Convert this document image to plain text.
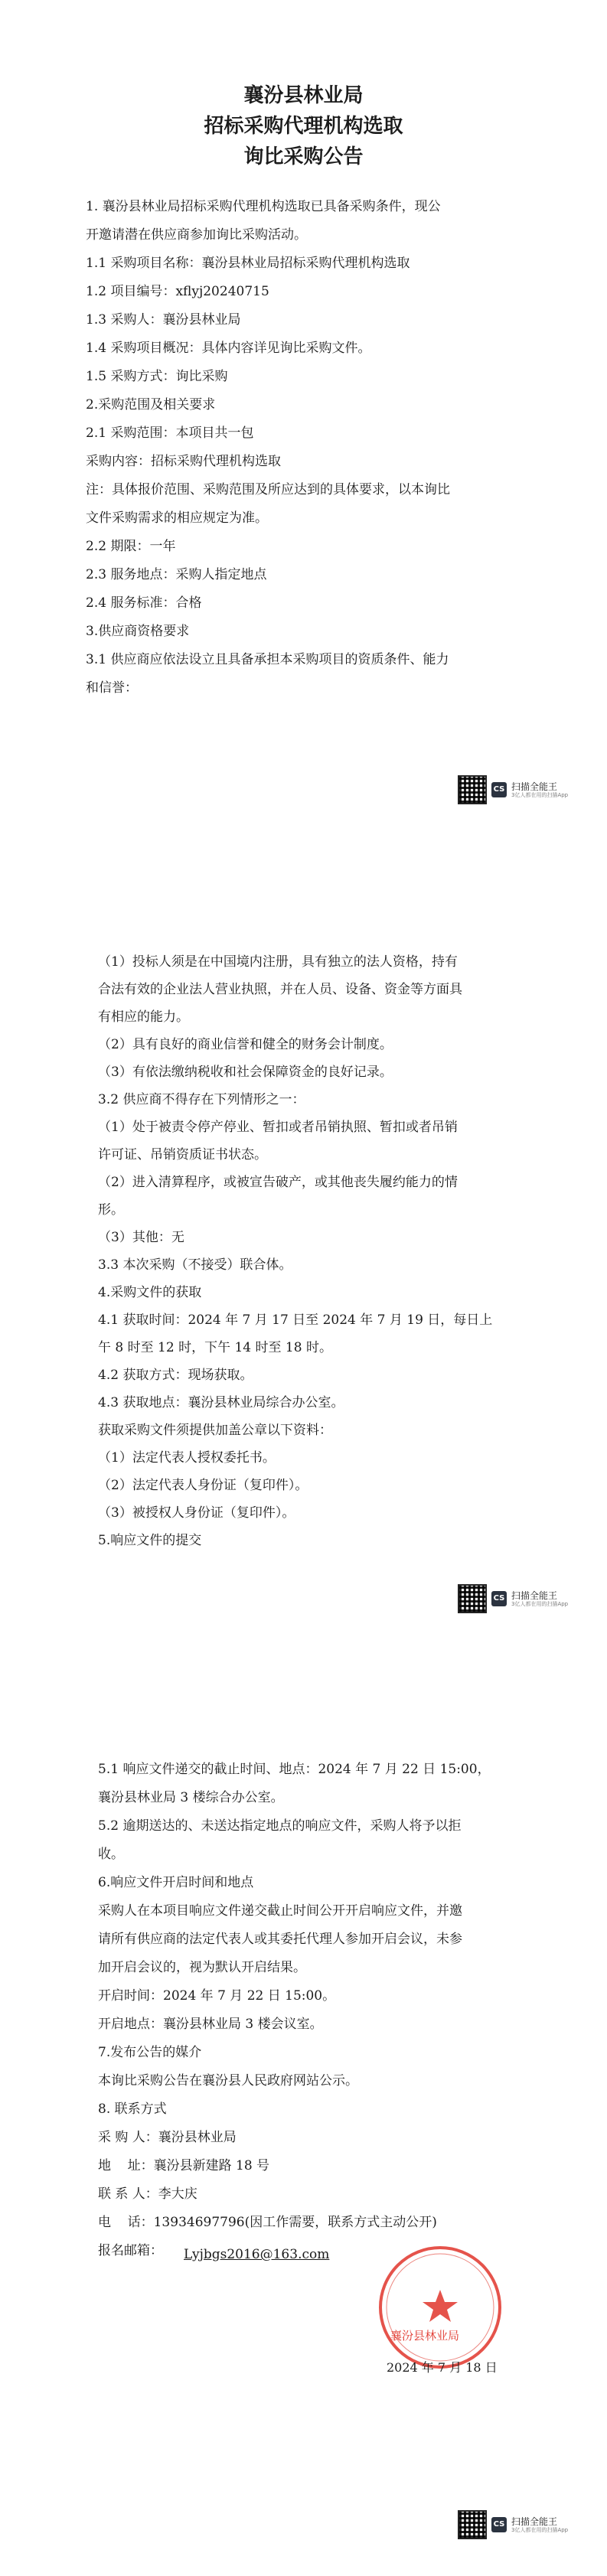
襄汾县林业局

招标采购代理机构选取

询比采购公告

1. 襄汾县林业局招标采购代理机构选取已具备采购条件，现公
开邀请潜在供应商参加询比采购活动。
1.1 采购项目名称：襄汾县林业局招标采购代理机构选取
1.2 项目编号：xflyj20240715
1.3 采购人：襄汾县林业局
1.4 采购项目概况：具体内容详见询比采购文件。
1.5 采购方式：询比采购
2.采购范围及相关要求
2.1 采购范围：本项目共一包
采购内容：招标采购代理机构选取
注：具体报价范围、采购范围及所应达到的具体要求，以本询比
文件采购需求的相应规定为准。
2.2 期限：一年
2.3 服务地点：采购人指定地点
2.4 服务标准：合格
3.供应商资格要求
3.1 供应商应依法设立且具备承担本采购项目的资质条件、能力
和信誉：
CS 扫描全能王
3亿人都在用的扫描App
（1）投标人须是在中国境内注册，具有独立的法人资格，持有
合法有效的企业法人营业执照，并在人员、设备、资金等方面具
有相应的能力。
（2）具有良好的商业信誉和健全的财务会计制度。
（3）有依法缴纳税收和社会保障资金的良好记录。
3.2 供应商不得存在下列情形之一：
（1）处于被责令停产停业、暂扣或者吊销执照、暂扣或者吊销
许可证、吊销资质证书状态。
（2）进入清算程序，或被宣告破产，或其他丧失履约能力的情
形。
（3）其他：无
3.3 本次采购（不接受）联合体。
4.采购文件的获取
4.1 获取时间：2024 年 7 月 17 日至 2024 年 7 月 19 日，每日上
午 8 时至 12 时，下午 14 时至 18 时。
4.2 获取方式：现场获取。
4.3 获取地点：襄汾县林业局综合办公室。
获取采购文件须提供加盖公章以下资料：
（1）法定代表人授权委托书。
（2）法定代表人身份证（复印件）。
（3）被授权人身份证（复印件）。
5.响应文件的提交
CS 扫描全能王
3亿人都在用的扫描App
5.1 响应文件递交的截止时间、地点：2024 年 7 月 22 日 15:00，
襄汾县林业局 3 楼综合办公室。
5.2 逾期送达的、未送达指定地点的响应文件，采购人将予以拒
收。
6.响应文件开启时间和地点
采购人在本项目响应文件递交截止时间公开开启响应文件，并邀
请所有供应商的法定代表人或其委托代理人参加开启会议，未参
加开启会议的，视为默认开启结果。
开启时间：2024 年 7 月 22 日 15:00。
开启地点：襄汾县林业局 3 楼会议室。
7.发布公告的媒介
本询比采购公告在襄汾县人民政府网站公示。
8. 联系方式
采 购 人：襄汾县林业局
地    址：襄汾县新建路 18 号
联 系 人：李大庆
电    话：13934697796(因工作需要，联系方式主动公开)
报名邮箱： Lyjbgs2016@163.com
CS 扫描全能王
3亿人都在用的扫描App
襄汾县林业局
2024 年 7 月 18 日
